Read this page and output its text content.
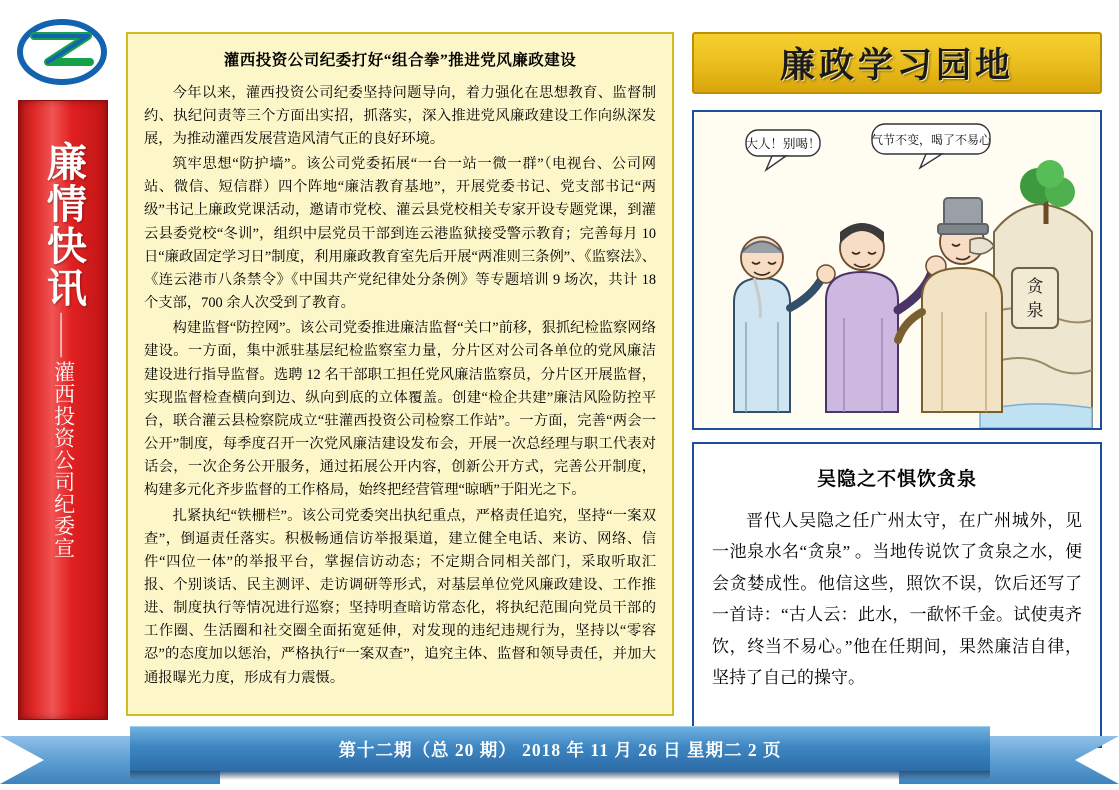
廉情快讯
——
灌西投资公司纪委宣
灌西投资公司纪委打好“组合拳”推进党风廉政建设

今年以来，灌西投资公司纪委坚持问题导向，着力强化在思想教育、监督制约、执纪问责等三个方面出实招，抓落实，深入推进党风廉政建设工作向纵深发展，为推动灌西发展营造风清气正的良好环境。

筑牢思想“防护墙”。该公司党委拓展“一台一站一微一群”（电视台、公司网站、微信、短信群）四个阵地“廉洁教育基地”，开展党委书记、党支部书记“两级”书记上廉政党课活动，邀请市党校、灌云县党校相关专家开设专题党课，到灌云县委党校“冬训”，组织中层党员干部到连云港监狱接受警示教育；完善每月 10 日“廉政固定学习日”制度，利用廉政教育室先后开展“两准则三条例”、《监察法》、《连云港市八条禁令》《中国共产党纪律处分条例》等专题培训 9 场次，共计 18 个支部，700 余人次受到了教育。

构建监督“防控网”。该公司党委推进廉洁监督“关口”前移，狠抓纪检监察网络建设。一方面，集中派驻基层纪检监察室力量，分片区对公司各单位的党风廉洁建设进行指导监督。选聘 12 名干部职工担任党风廉洁监察员，分片区开展监督，实现监督检查横向到边、纵向到底的立体覆盖。创建“检企共建”廉洁风险防控平台，联合灌云县检察院成立“驻灌西投资公司检察工作站”。一方面，完善“两会一公开”制度，每季度召开一次党风廉洁建设发布会，开展一次总经理与职工代表对话会，一次企务公开服务，通过拓展公开内容，创新公开方式，完善公开制度，构建多元化齐步监督的工作格局，始终把经营管理“晾晒”于阳光之下。

扎紧执纪“铁栅栏”。该公司党委突出执纪重点，严格责任追究，坚持“一案双查”，倒逼责任落实。积极畅通信访举报渠道，建立健全电话、来访、网络、信件“四位一体”的举报平台，掌握信访动态；不定期合同相关部门，采取听取汇报、个别谈话、民主测评、走访调研等形式，对基层单位党风廉政建设、工作推进、制度执行等情况进行巡察；坚持明查暗访常态化，将执纪范围向党员干部的工作圈、生活圈和社交圈全面拓宽延伸，对发现的违纪违规行为，坚持以“零容忍”的态度加以惩治，严格执行“一案双查”，追究主体、监督和领导责任，并加大通报曝光力度，形成有力震慑。

廉政学习园地
贪
泉
大人！别喝！	气节不变，喝了不易心
吴隐之不惧饮贪泉

晋代人吴隐之任广州太守，在广州城外，见一池泉水名“贪泉” 。当地传说饮了贪泉之水，便会贪婪成性。他信这些，照饮不误，饮后还写了一首诗：“古人云：此水，一歃怀千金。试使夷齐饮，终当不易心。”他在任期间，果然廉洁自律，坚持了自己的操守。

第十二期（总 20 期） 2018 年 11 月 26 日 星期二 2 页
